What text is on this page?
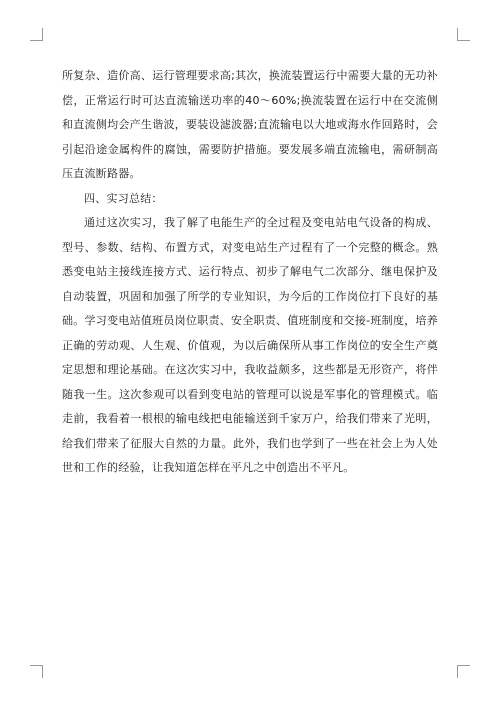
所复杂、造价高、运行管理要求高;其次，换流装置运行中需要大量的无功补偿，正常运行时可达直流输送功率的40～60%;换流装置在运行中在交流侧和直流侧均会产生谐波，要装设滤波器;直流输电以大地或海水作回路时，会引起沿途金属构件的腐蚀，需要防护措施。要发展多端直流输电，需研制高压直流断路器。

四、实习总结：

通过这次实习，我了解了电能生产的全过程及变电站电气设备的构成、型号、参数、结构、布置方式，对变电站生产过程有了一个完整的概念。熟悉变电站主接线连接方式、运行特点、初步了解电气二次部分、继电保护及自动装置，巩固和加强了所学的专业知识，为今后的工作岗位打下良好的基础。学习变电站值班员岗位职责、安全职责、值班制度和交接-班制度，培养正确的劳动观、人生观、价值观，为以后确保所从事工作岗位的安全生产奠定思想和理论基础。在这次实习中，我收益颇多，这些都是无形资产，将伴随我一生。这次参观可以看到变电站的管理可以说是军事化的管理模式。临走前，我看着一根根的输电线把电能输送到千家万户，给我们带来了光明，给我们带来了征服大自然的力量。此外，我们也学到了一些在社会上为人处世和工作的经验，让我知道怎样在平凡之中创造出不平凡。
